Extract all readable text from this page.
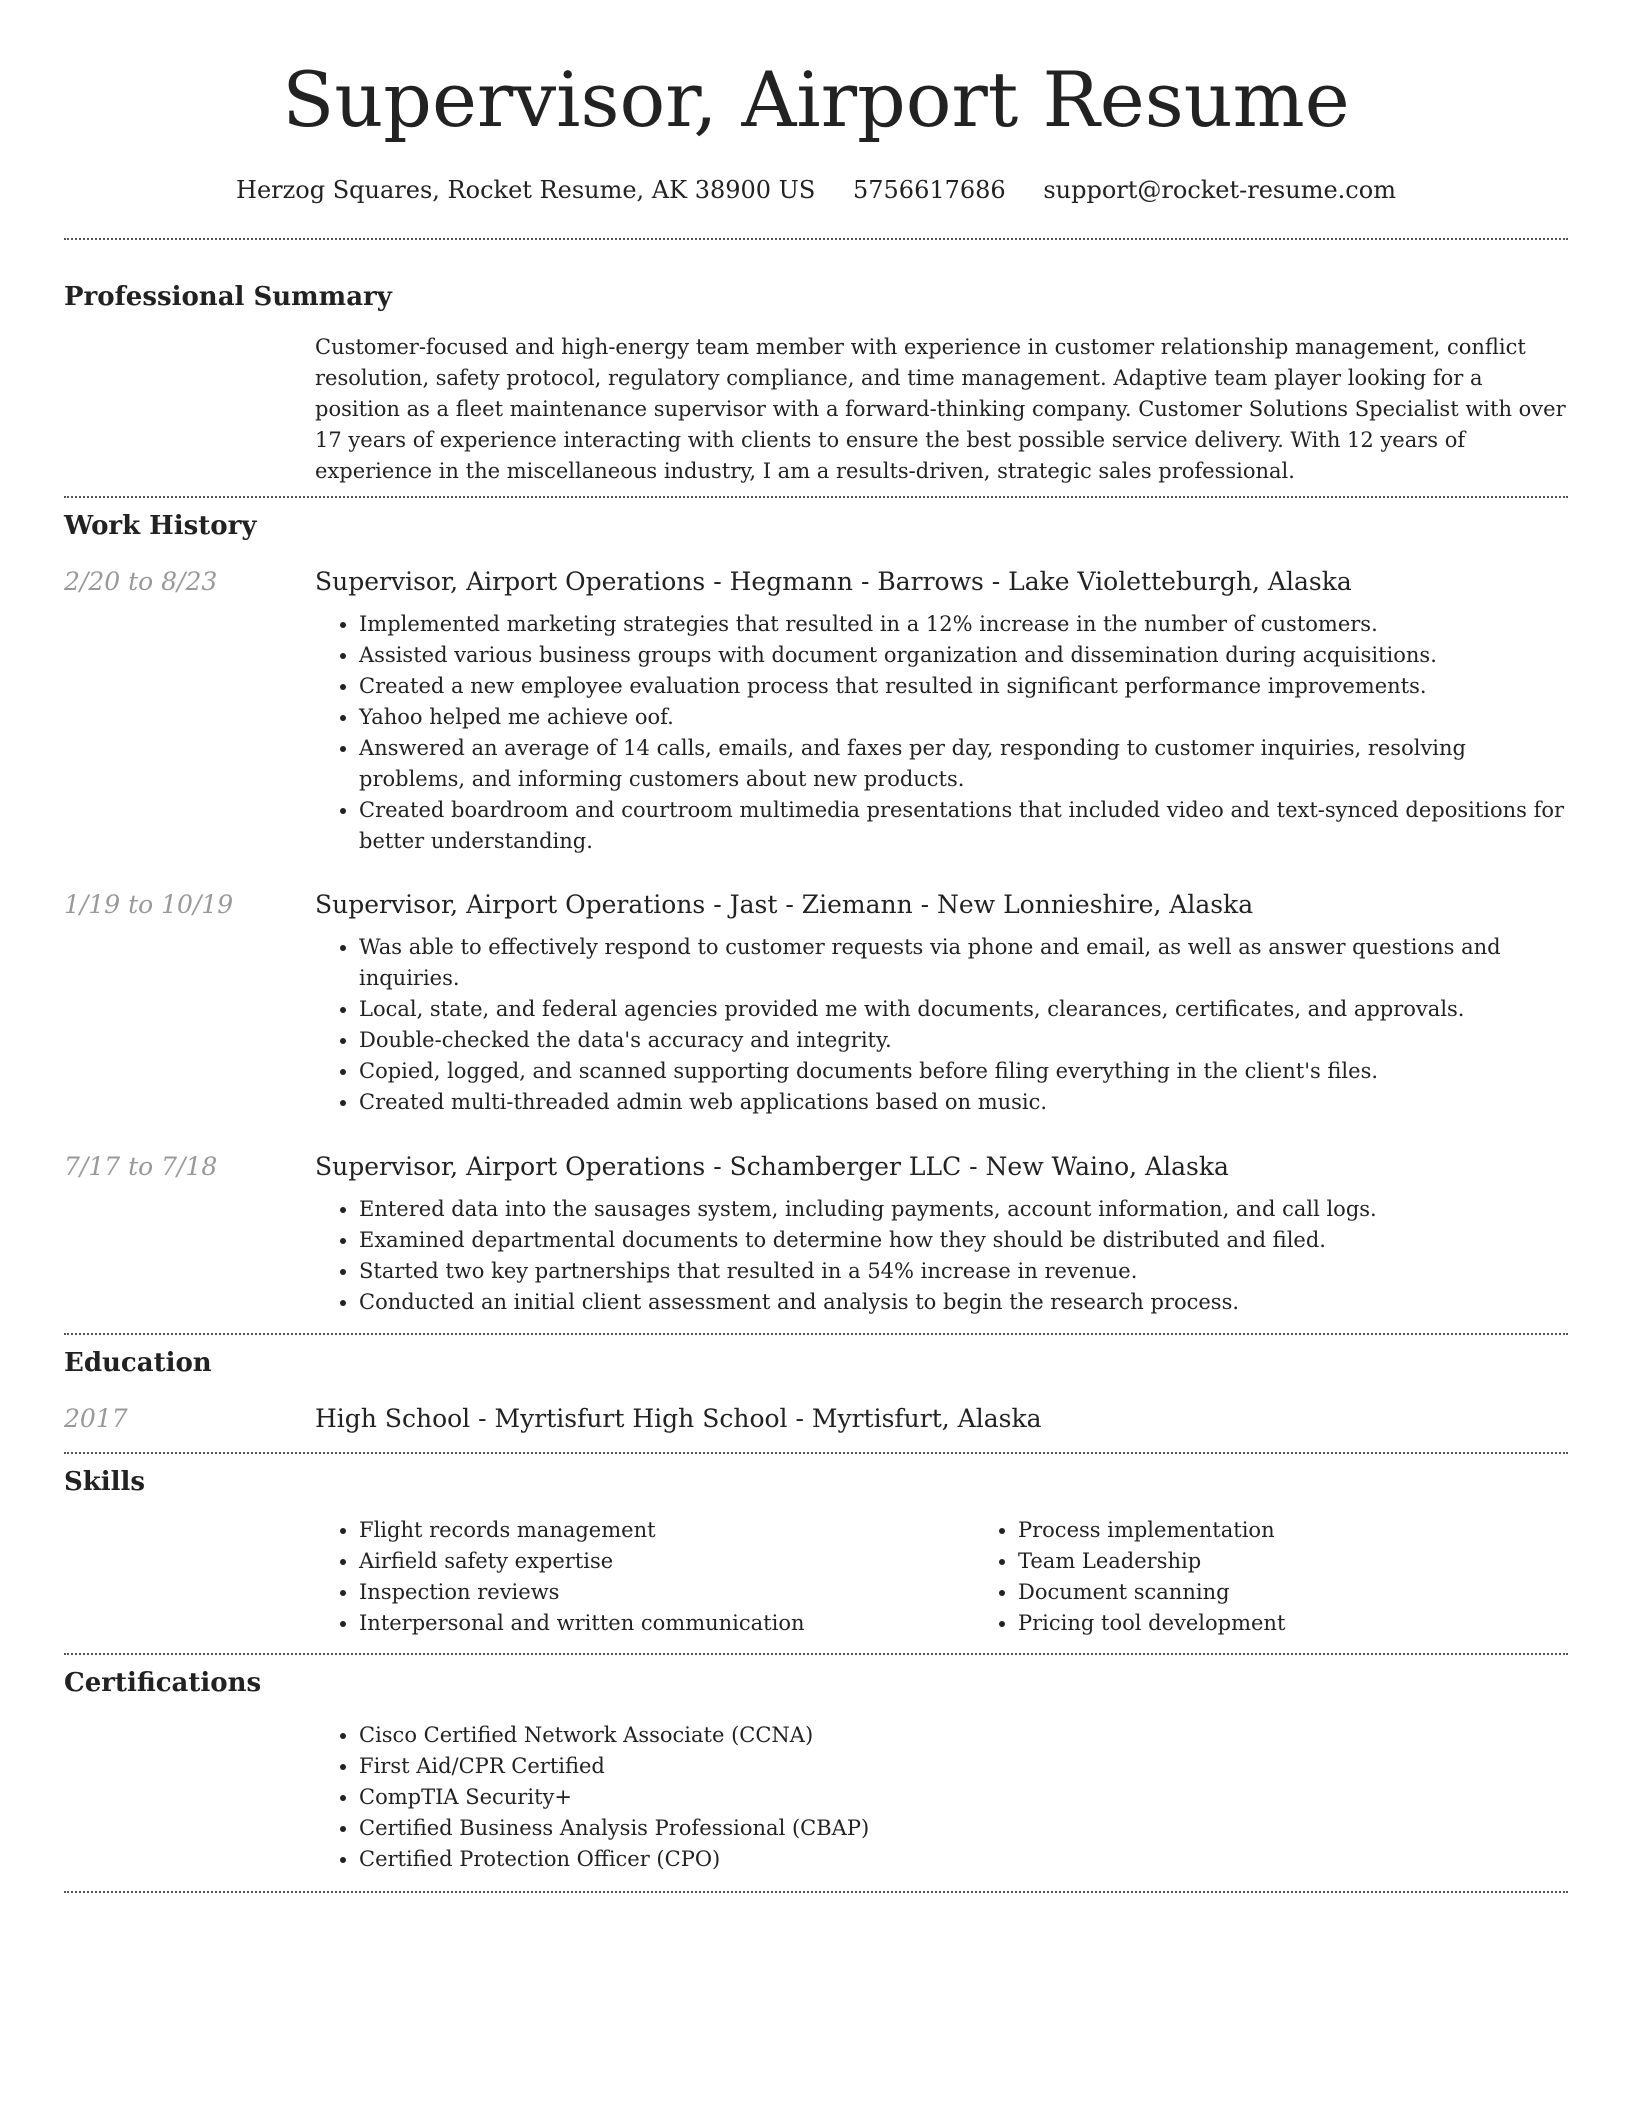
Supervisor, Airport Resume
Herzog Squares, Rocket Resume, AK 38900 US 5756617686 support@rocket-resume.com
Professional Summary

Customer-focused and high-energy team member with experience in customer relationship management, conflict resolution, safety protocol, regulatory compliance, and time management. Adaptive team player looking for a position as a fleet maintenance supervisor with a forward-thinking company. Customer Solutions Specialist with over 17 years of experience interacting with clients to ensure the best possible service delivery. With 12 years of experience in the miscellaneous industry, I am a results-driven, strategic sales professional.

Work History
2/20 to 8/23	Supervisor, Airport Operations - Hegmann - Barrows - Lake Violetteburgh, Alaska
• Implemented marketing strategies that resulted in a 12% increase in the number of customers.
• Assisted various business groups with document organization and dissemination during acquisitions.
• Created a new employee evaluation process that resulted in significant performance improvements.
• Yahoo helped me achieve oof.
• Answered an average of 14 calls, emails, and faxes per day, responding to customer inquiries, resolving problems, and informing customers about new products.
• Created boardroom and courtroom multimedia presentations that included video and text-synced depositions for better understanding.
1/19 to 10/19	Supervisor, Airport Operations - Jast - Ziemann - New Lonnieshire, Alaska
• Was able to effectively respond to customer requests via phone and email, as well as answer questions and inquiries.
• Local, state, and federal agencies provided me with documents, clearances, certificates, and approvals.
• Double-checked the data's accuracy and integrity.
• Copied, logged, and scanned supporting documents before filing everything in the client's files.
• Created multi-threaded admin web applications based on music.
7/17 to 7/18	Supervisor, Airport Operations - Schamberger LLC - New Waino, Alaska
• Entered data into the sausages system, including payments, account information, and call logs.
• Examined departmental documents to determine how they should be distributed and filed.
• Started two key partnerships that resulted in a 54% increase in revenue.
• Conducted an initial client assessment and analysis to begin the research process.
Education
2017	High School - Myrtisfurt High School - Myrtisfurt, Alaska
Skills
• Flight records management
• Airfield safety expertise
• Inspection reviews
• Interpersonal and written communication
• Process implementation
• Team Leadership
• Document scanning
• Pricing tool development
Certifications
• Cisco Certified Network Associate (CCNA)
• First Aid/CPR Certified
• CompTIA Security+
• Certified Business Analysis Professional (CBAP)
• Certified Protection Officer (CPO)
